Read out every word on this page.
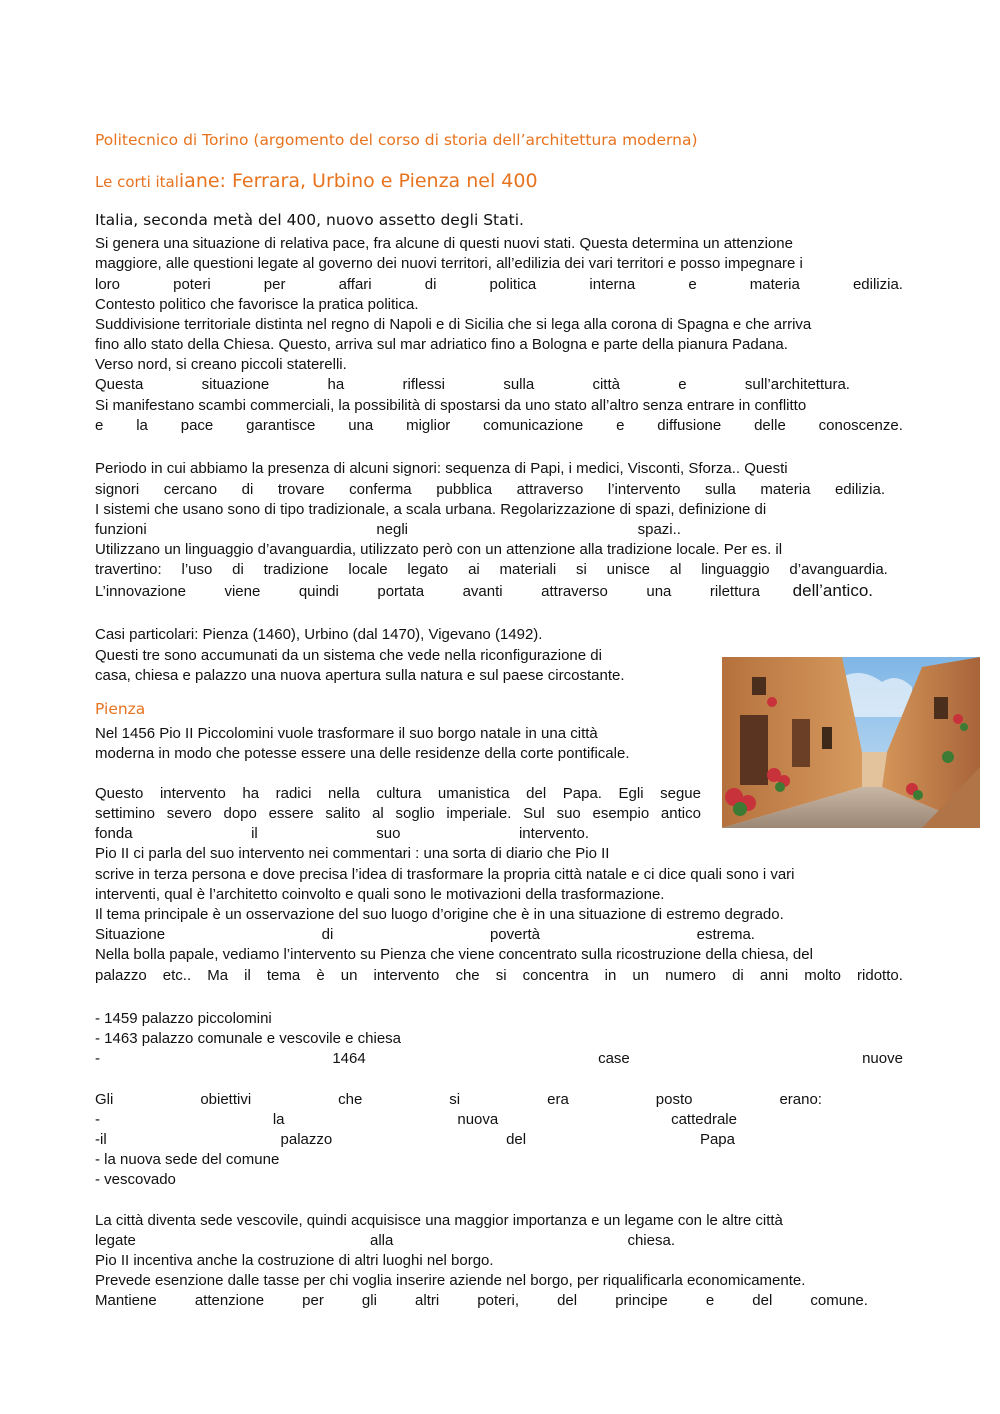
Politecnico di Torino (argomento del corso di storia dell’architettura moderna)
Le corti italiane: Ferrara, Urbino e Pienza nel 400
Italia, seconda metà del 400, nuovo assetto degli Stati.
Si genera una situazione di relativa pace, fra alcune di questi nuovi stati. Questa determina un attenzione
maggiore, alle questioni legate al governo dei nuovi territori, all’edilizia dei vari territori e posso impegnare i
loro	poteri	per	affari	di	politica	interna	e	materia	edilizia.
Contesto politico che favorisce la pratica politica.
Suddivisione territoriale distinta nel regno di Napoli e di Sicilia che si lega alla corona di Spagna e che arriva
fino allo stato della Chiesa. Questo, arriva sul mar adriatico fino a Bologna e parte della pianura Padana.
Verso nord, si creano piccoli staterelli.
Questa	situazione	ha	riflessi	sulla	città	e	sull’architettura.
Si manifestano scambi commerciali, la possibilità di spostarsi da uno stato all’altro senza entrare in conflitto
e la pace garantisce una miglior comunicazione e diffusione delle conoscenze.
Periodo in cui abbiamo la presenza di alcuni signori: sequenza di Papi, i medici, Visconti, Sforza.. Questi
signori cercano di trovare conferma pubblica attraverso l’intervento sulla materia edilizia.
I sistemi che usano sono di tipo tradizionale, a scala urbana. Regolarizzazione di spazi, definizione di
funzioni	negli	spazi..
Utilizzano un linguaggio d’avanguardia, utilizzato però con un attenzione alla tradizione locale. Per es. il
travertino: l’uso di tradizione locale legato ai materiali si unisce al linguaggio d’avanguardia.
L’innovazione	viene	quindi	portata	avanti	attraverso	una	rilettura dell’antico.
Casi particolari: Pienza (1460), Urbino (dal 1470), Vigevano (1492).
Questi tre sono accumunati da un sistema che vede nella riconfigurazione di
casa, chiesa e palazzo una nuova apertura sulla natura e sul paese circostante.
Pienza
Nel 1456 Pio II Piccolomini vuole trasformare il suo borgo natale in una città
moderna in modo che potesse essere una delle residenze della corte pontificale.
Questo intervento ha radici nella cultura umanistica del Papa. Egli segue
settimino severo dopo essere salito al soglio imperiale. Sul suo esempio antico
fonda	il	suo	intervento.
Pio II ci parla del suo intervento nei commentari : una sorta di diario che Pio II
scrive in terza persona e dove precisa l’idea di trasformare la propria città natale e ci dice quali sono i vari
interventi, qual è l’architetto coinvolto e quali sono le motivazioni della trasformazione.
Il tema principale è un osservazione del suo luogo d’origine che è in una situazione di estremo degrado.
Situazione	di	povertà	estrema.
Nella bolla papale, vediamo l’intervento su Pienza che viene concentrato sulla ricostruzione della chiesa, del
palazzo etc.. Ma il tema è un intervento che si concentra in un numero di anni molto ridotto.
- 1459 palazzo piccolomini
- 1463 palazzo comunale e vescovile e chiesa
-	1464	case	nuove
Gli	obiettivi	che	si	era	posto	erano:
-	la	nuova	cattedrale
-il	palazzo	del	Papa
- la nuova sede del comune
- vescovado
La città diventa sede vescovile, quindi acquisisce una maggior importanza e un legame con le altre città
legate	alla	chiesa.
Pio II incentiva anche la costruzione di altri luoghi nel borgo.
Prevede esenzione dalle tasse per chi voglia inserire aziende nel borgo, per riqualificarla economicamente.
Mantiene	attenzione	per	gli	altri	poteri,	del	principe	e	del	comune.
